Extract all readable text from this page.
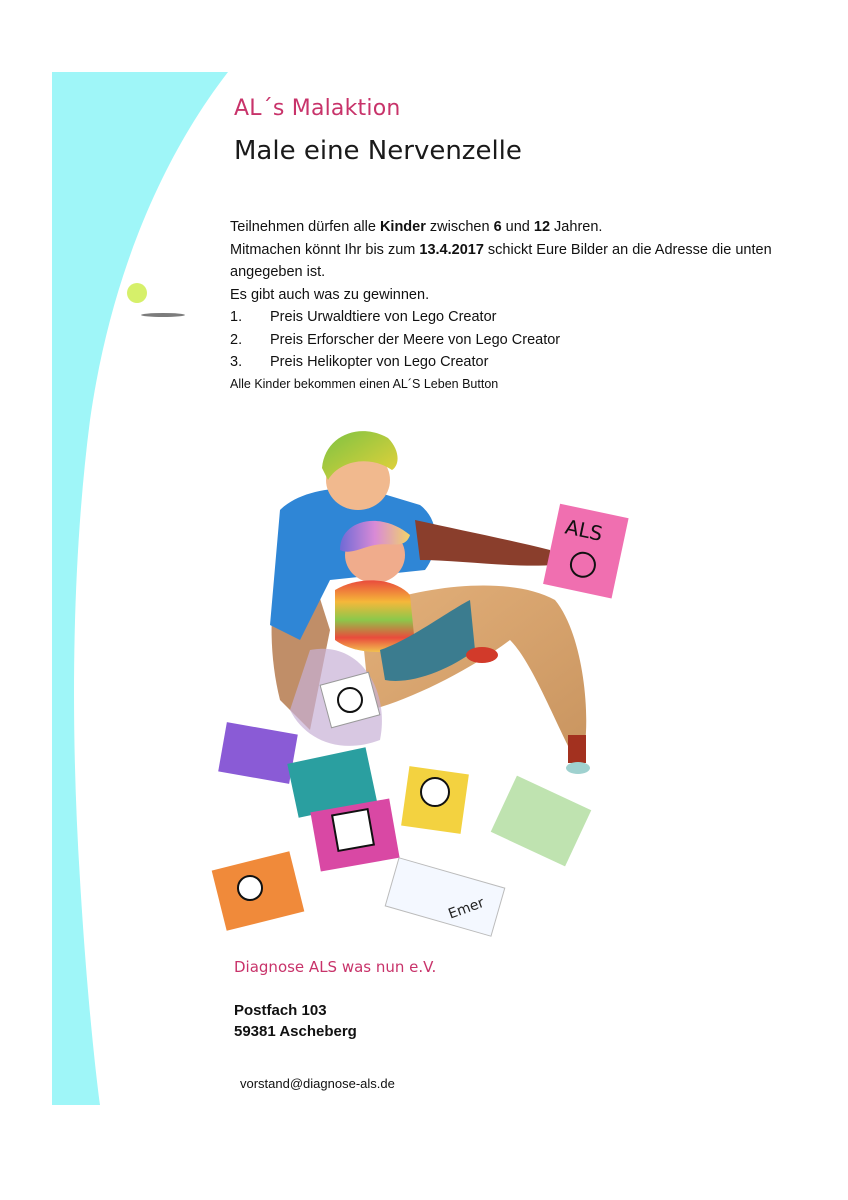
AL´s Malaktion
Male eine Nervenzelle

Teilnehmen dürfen alle Kinder zwischen 6 und 12 Jahren.

Mitmachen könnt Ihr bis zum 13.4.2017 schickt Eure Bilder an die Adresse die unten angegeben ist.

Es gibt auch was zu gewinnen.

1.	Preis Urwaldtiere von Lego Creator
2.	Preis Erforscher der Meere von Lego Creator
3.	Preis Helikopter von Lego Creator

Alle Kinder bekommen einen AL´S Leben Button

ALS
Emer
Diagnose ALS was nun e.V.

Postfach 103

59381 Ascheberg

vorstand@diagnose-als.de
